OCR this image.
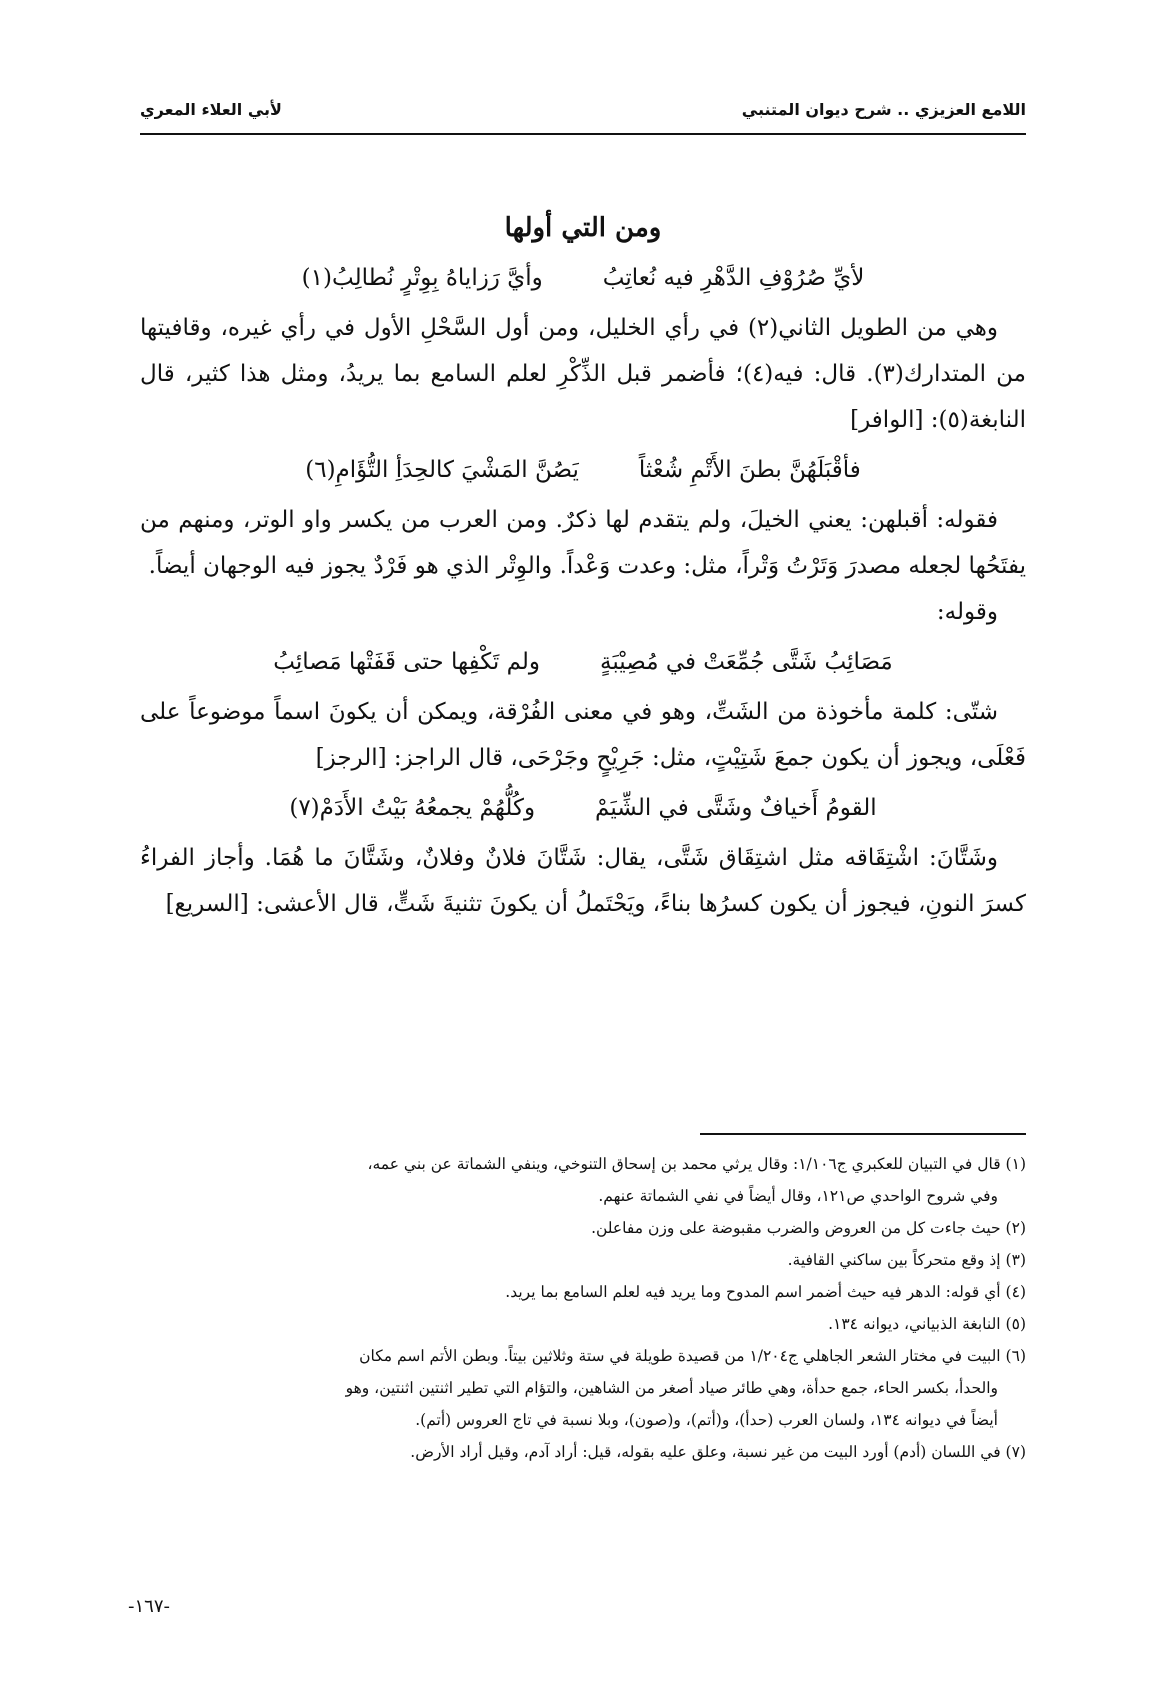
اللامع العزيزي .. شرح ديوان المتنبي
لأبي العلاء المعري
ومن التي أولها
لأيِّ صُرُوْفِ الدَّهْرِ فيه نُعاتِبُ
وأيَّ رَزاياهُ بِوِتْرٍ نُطالِبُ(١)

وهي من الطويل الثاني(٢) في رأي الخليل، ومن أول السَّحْلِ الأول في رأي غيره، وقافيتها من المتدارك(٣). قال: فيه(٤)؛ فأضمر قبل الذِّكْرِ لعلم السامع بما يريدُ، ومثل هذا كثير، قال النابغة(٥): [الوافر]

فأقْبَلَهُنَّ بطنَ الأَتْمِ شُعْثاً
يَصُنَّ المَشْيَ كالحِدَأِ التُّؤَامِ(٦)

فقوله: أقبلهن: يعني الخيلَ، ولم يتقدم لها ذكرٌ. ومن العرب من يكسر واو الوتر، ومنهم من يفتَحُها لجعله مصدرَ وَتَرْتُ وَتْراً، مثل: وعدت وَعْداً. والوِتْر الذي هو فَرْدٌ يجوز فيه الوجهان أيضاً.

وقوله:

مَصَائِبُ شَتَّى جُمِّعَتْ في مُصِيْبَةٍ
ولم تَكْفِها حتى قَفَتْها مَصائِبُ

شتّى: كلمة مأخوذة من الشَتِّ، وهو في معنى الفُرْقة، ويمكن أن يكونَ اسماً موضوعاً على فَعْلَى، ويجوز أن يكون جمعَ شَتِيْتٍ، مثل: جَرِيْحٍ وجَرْحَى، قال الراجز: [الرجز]

القومُ أَخيافٌ وشَتَّى في الشِّيَمْ
وكُلُّهُمْ يجمعُهُ بَيْتُ الأَدَمْ(٧)

وشَتَّانَ: اشْتِقَاقه مثل اشتِقَاق شَتَّى، يقال: شَتَّانَ فلانٌ وفلانٌ، وشَتَّانَ ما هُمَا. وأجاز الفراءُ كسرَ النونِ، فيجوز أن يكون كسرُها بناءً، ويَحْتَملُ أن يكونَ تثنيةَ شَتٍّ، قال الأعشى: [السريع]

(١) قال في التبيان للعكبري ج١/١٠٦: وقال يرثي محمد بن إسحاق التنوخي، وينفي الشماتة عن بني عمه،

وفي شروح الواحدي ص١٢١، وقال أيضاً في نفي الشماتة عنهم.

(٢) حيث جاءت كل من العروض والضرب مقبوضة على وزن مفاعلن.

(٣) إذ وقع متحركاً بين ساكني القافية.

(٤) أي قوله: الدهر فيه حيث أضمر اسم المدوح وما يريد فيه لعلم السامع بما يريد.

(٥) النابغة الذبياني، ديوانه ١٣٤.

(٦) البيت في مختار الشعر الجاهلي ج١/٢٠٤ من قصيدة طويلة في ستة وثلاثين بيتاً. وبطن الأتم اسم مكان

والحدأ، بكسر الحاء، جمع حدأة، وهي طائر صياد أصغر من الشاهين، والتؤام التي تطير اثنتين اثنتين، وهو

أيضاً في ديوانه ١٣٤، ولسان العرب (حدأ)، و(أتم)، و(صون)، وبلا نسبة في تاج العروس (أتم).

(٧) في اللسان (أدم) أورد البيت من غير نسبة، وعلق عليه بقوله، قيل: أراد آدم، وقيل أراد الأرض.

-١٦٧-
